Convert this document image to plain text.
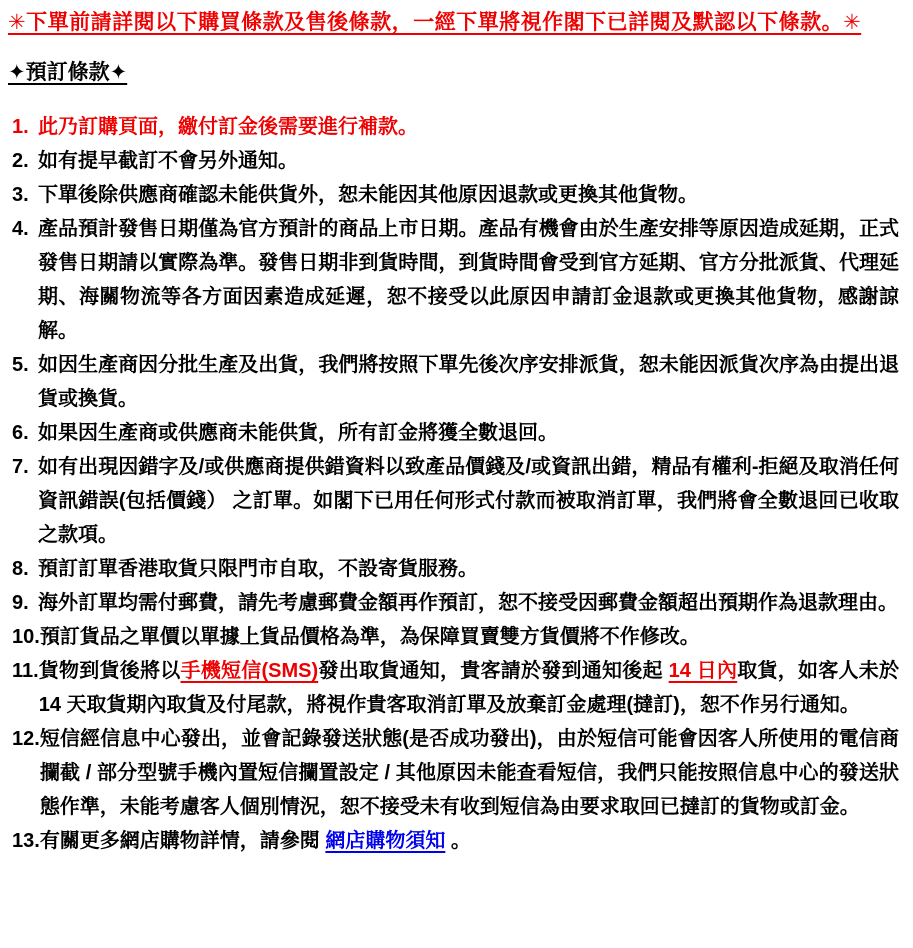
✳下單前請詳閱以下購買條款及售後條款，一經下單將視作閣下已詳閱及默認以下條款。✳
✦預訂條款✦
1. 此乃訂購頁面，繳付訂金後需要進行補款。
2. 如有提早截訂不會另外通知。
3. 下單後除供應商確認未能供貨外，恕未能因其他原因退款或更換其他貨物。
4. 產品預計發售日期僅為官方預計的商品上市日期。產品有機會由於生產安排等原因造成延期，正式發售日期請以實際為準。發售日期非到貨時間，到貨時間會受到官方延期、官方分批派貨、代理延期、海關物流等各方面因素造成延遲，恕不接受以此原因申請訂金退款或更換其他貨物，感謝諒解。
5. 如因生產商因分批生產及出貨，我們將按照下單先後次序安排派貨，恕未能因派貨次序為由提出退貨或換貨。
6. 如果因生產商或供應商未能供貨，所有訂金將獲全數退回。
7. 如有出現因錯字及/或供應商提供錯資料以致產品價錢及/或資訊出錯，精品有權利-拒絕及取消任何資訊錯誤(包括價錢） 之訂單。如閣下已用任何形式付款而被取消訂單，我們將會全數退回已收取之款項。
8. 預訂訂單香港取貨只限門市自取，不設寄貨服務。
9. 海外訂單均需付郵費，請先考慮郵費金額再作預訂，恕不接受因郵費金額超出預期作為退款理由。
10. 預訂貨品之單價以單據上貨品價格為準，為保障買賣雙方貨價將不作修改。
11. 貨物到貨後將以手機短信(SMS)發出取貨通知，貴客請於發到通知後起 14 日內取貨，如客人未於 14 天取貨期內取貨及付尾款，將視作貴客取消訂單及放棄訂金處理(撻訂)，恕不作另行通知。
12. 短信經信息中心發出，並會記錄發送狀態(是否成功發出)，由於短信可能會因客人所使用的電信商攔截 / 部分型號手機內置短信攔置設定 / 其他原因未能查看短信，我們只能按照信息中心的發送狀態作準，未能考慮客人個別情況，恕不接受未有收到短信為由要求取回已撻訂的貨物或訂金。
13. 有關更多網店購物詳情，請參閱 網店購物須知 。
